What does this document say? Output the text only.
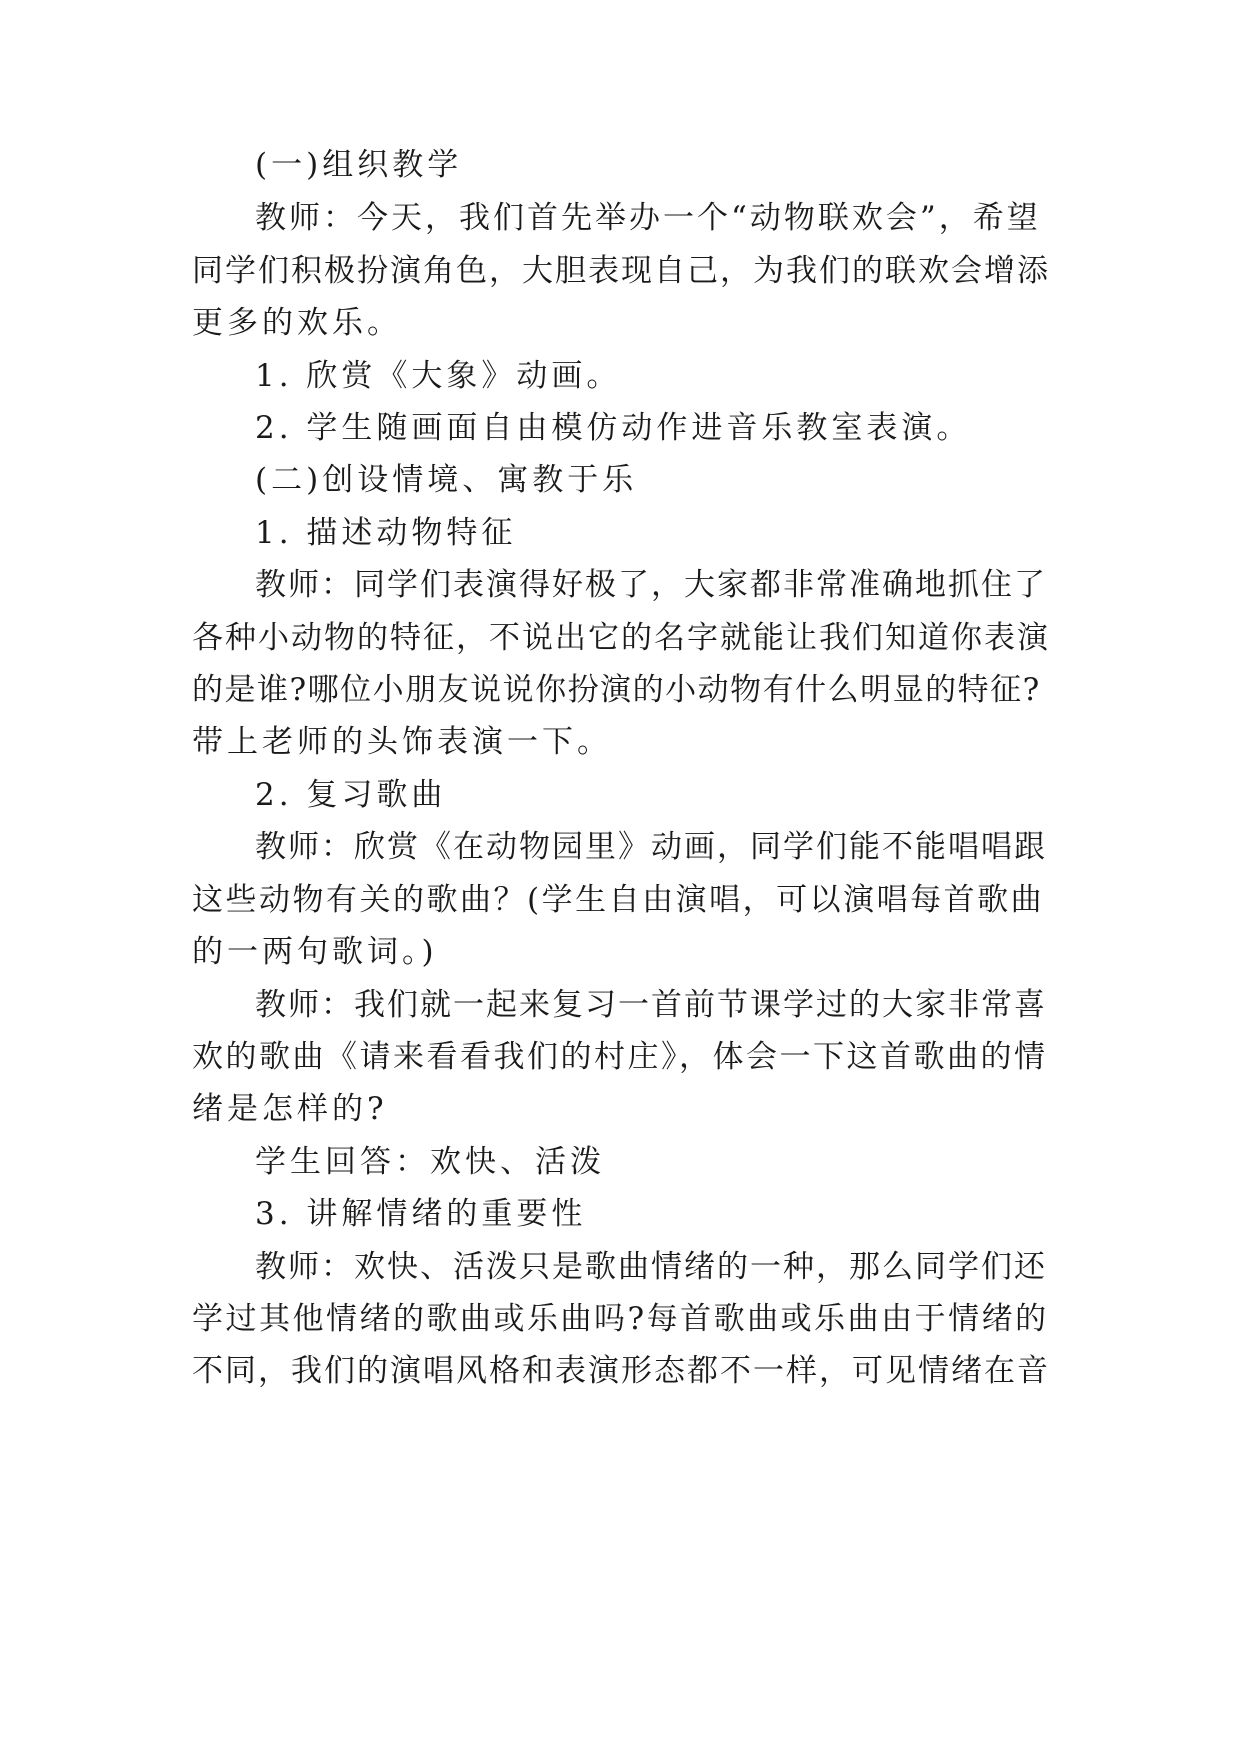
(一)组织教学

教师：今天，我们首先举办一个“动物联欢会”，希望

同学们积极扮演角色，大胆表现自己，为我们的联欢会增添

更多的欢乐。

1. 欣赏《大象》动画。

2. 学生随画面自由模仿动作进音乐教室表演。

(二)创设情境、寓教于乐

1. 描述动物特征

教师：同学们表演得好极了，大家都非常准确地抓住了

各种小动物的特征，不说出它的名字就能让我们知道你表演

的是谁?哪位小朋友说说你扮演的小动物有什么明显的特征?

带上老师的头饰表演一下。

2. 复习歌曲

教师：欣赏《在动物园里》动画，同学们能不能唱唱跟

这些动物有关的歌曲？(学生自由演唱，可以演唱每首歌曲

的一两句歌词。)

教师：我们就一起来复习一首前节课学过的大家非常喜

欢的歌曲《请来看看我们的村庄》，体会一下这首歌曲的情

绪是怎样的?

学生回答：欢快、活泼

3. 讲解情绪的重要性

教师：欢快、活泼只是歌曲情绪的一种，那么同学们还

学过其他情绪的歌曲或乐曲吗?每首歌曲或乐曲由于情绪的

不同，我们的演唱风格和表演形态都不一样，可见情绪在音
